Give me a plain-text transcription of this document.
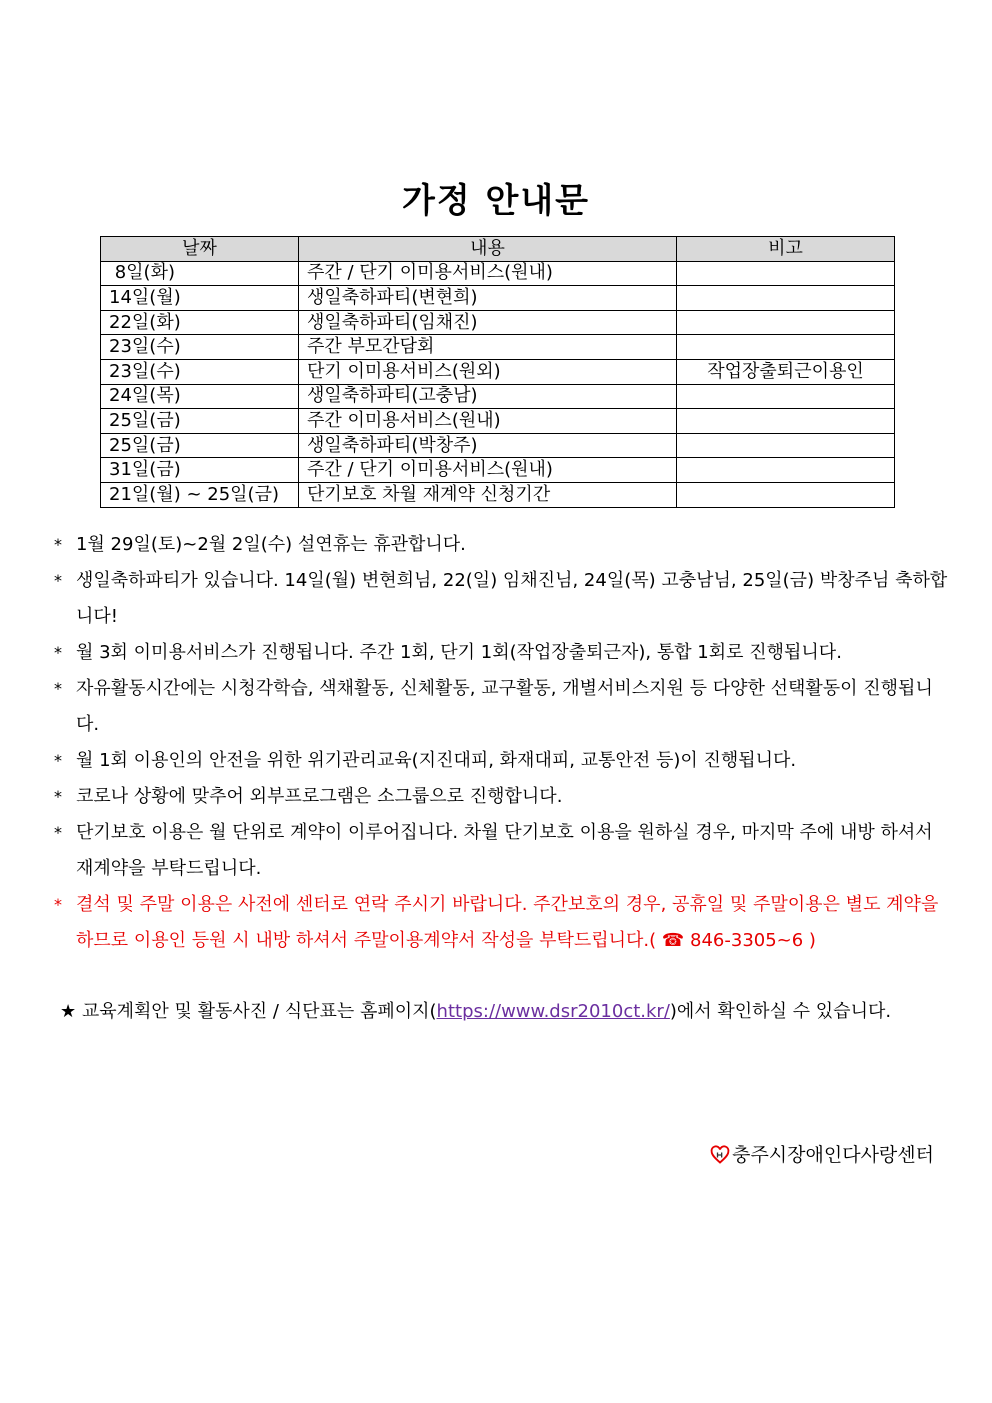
가정 안내문
날짜	내용	비고
8일(화)	주간 / 단기 이미용서비스(원내)	
14일(월)	생일축하파티(변현희)	
22일(화)	생일축하파티(임채진)	
23일(수)	주간 부모간담회	
23일(수)	단기 이미용서비스(원외)	작업장출퇴근이용인
24일(목)	생일축하파티(고충남)	
25일(금)	주간 이미용서비스(원내)	
25일(금)	생일축하파티(박창주)	
31일(금)	주간 / 단기 이미용서비스(원내)	
21일(월) ~ 25일(금)	단기보호 차월 재계약 신청기간	
* 1월 29일(토)~2월 2일(수) 설연휴는 휴관합니다.
* 생일축하파티가 있습니다. 14일(월) 변현희님, 22(일) 임채진님, 24일(목) 고충남님, 25일(금) 박창주님 축하합니다!
* 월 3회 이미용서비스가 진행됩니다. 주간 1회, 단기 1회(작업장출퇴근자), 통합 1회로 진행됩니다.
* 자유활동시간에는 시청각학습, 색채활동, 신체활동, 교구활동, 개별서비스지원 등 다양한 선택활동이 진행됩니다.
* 월 1회 이용인의 안전을 위한 위기관리교육(지진대피, 화재대피, 교통안전 등)이 진행됩니다.
* 코로나 상황에 맞추어 외부프로그램은 소그룹으로 진행합니다.
* 단기보호 이용은 월 단위로 계약이 이루어집니다. 차월 단기보호 이용을 원하실 경우, 마지막 주에 내방 하셔서 재계약을 부탁드립니다.
* 결석 및 주말 이용은 사전에 센터로 연락 주시기 바랍니다. 주간보호의 경우, 공휴일 및 주말이용은 별도 계약을 하므로 이용인 등원 시 내방 하셔서 주말이용계약서 작성을 부탁드립니다.( ☎ 846-3305~6 )
★ 교육계획안 및 활동사진 / 식단표는 홈페이지(https://www.dsr2010ct.kr/)에서 확인하실 수 있습니다.
충주시장애인다사랑센터
